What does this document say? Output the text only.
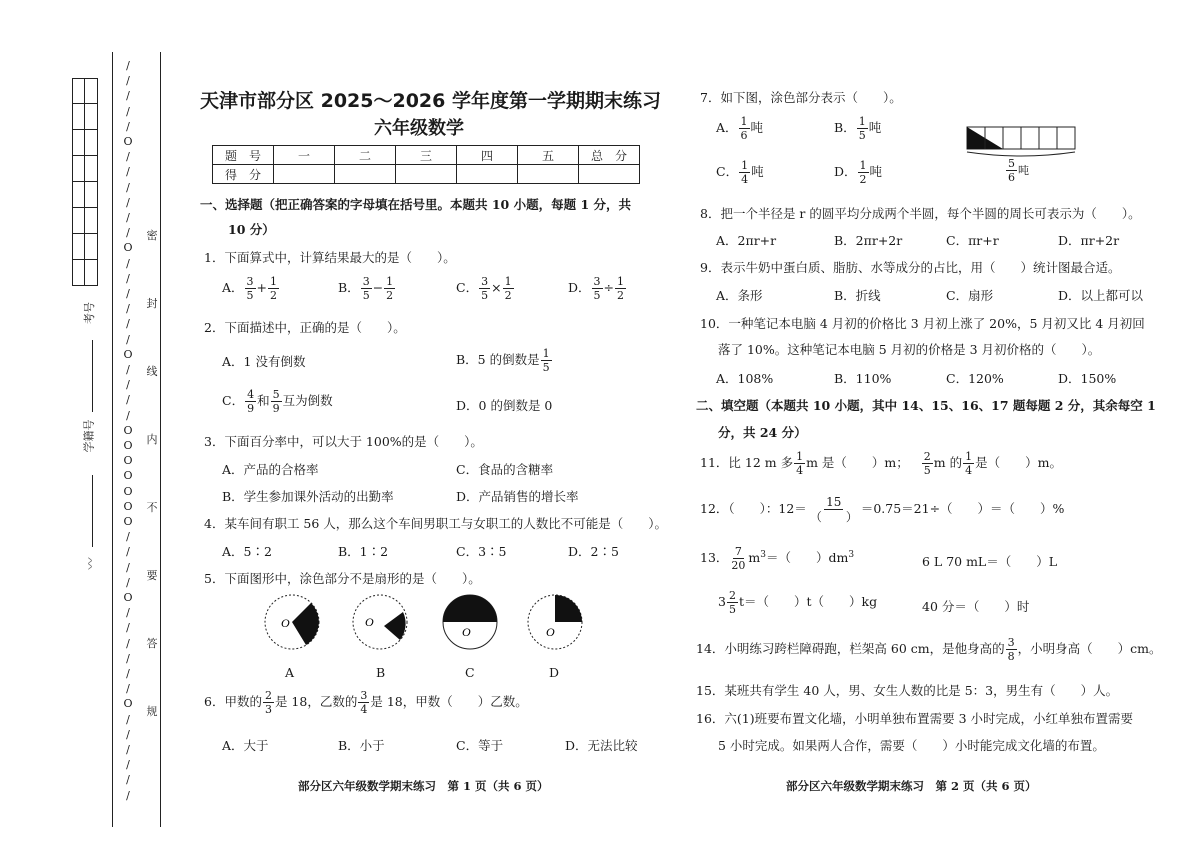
考号
学籍号
〰
/
/
/
/
/
O
/
/
/
/
/
/
O
/
/
/
/
/
/
O
/
/
/
/
O
O
O
O
O
O
O
/
/
/
/
O
/
/
/
/
/
/
O
/
/
/
/
/
/
密
封
线
内
不
要
答
规
天津市部分区 2025～2026 学年度第一学期期末练习
六年级数学
题　号	一	二	三	四	五	总　分
得　分						
一、选择题（把正确答案的字母填在括号里。本题共 10 小题，每题 1 分，共
10 分）
1．下面算式中，计算结果最大的是（　　）。
A． $\frac{3}{5} + \frac{1}{2}$	B． $\frac{3}{5} - \frac{1}{2}$	C． $\frac{3}{5} \times \frac{1}{2}$	D． $\frac{3}{5} \div \frac{1}{2}$
2．下面描述中，正确的是（　　）。
A．1 没有倒数	B．5 的倒数是 $\frac{1}{5}$
C． $\frac{4}{9}$ 和 $\frac{5}{9}$ 互为倒数	D．0 的倒数是 0
3．下面百分率中，可以大于 100%的是（　　）。
A．产品的合格率	C．食品的含糖率
B．学生参加课外活动的出勤率	D．产品销售的增长率
4．某车间有职工 56 人，那么这个车间男职工与女职工的人数比不可能是（　　）。
A．5∶2	B．1∶2	C．3∶5	D．2∶5
5．下面图形中，涂色部分不是扇形的是（　　）。
O	O
O	O
A	B	C	D
6．甲数的 $\frac{2}{3}$ 是 18，乙数的 $\frac{3}{4}$ 是 18，甲数（　　）乙数。
A．大于	B．小于	C．等于	D．无法比较
部分区六年级数学期末练习　第 1 页（共 6 页）
7．如下图，涂色部分表示（　　）。
A． $\frac{1}{6}$ 吨	B． $\frac{1}{5}$ 吨
C． $\frac{1}{4}$ 吨	D． $\frac{1}{2}$ 吨	$\frac{5}{6}$ 吨
8．把一个半径是 r 的圆平均分成两个半圆，每个半圆的周长可表示为（　　）。
A．2πr+r	B．2πr+2r	C．πr+r	D．πr+2r
9．表示牛奶中蛋白质、脂肪、水等成分的占比，用（　　）统计图最合适。
A．条形	B．折线	C．扇形	D．以上都可以
10．一种笔记本电脑 4 月初的价格比 3 月初上涨了 20%，5 月初又比 4 月初回
落了 10%。这种笔记本电脑 5 月初的价格是 3 月初价格的（　　）。
A．108%	B．110%	C．120%	D．150%
二、填空题（本题共 10 小题，其中 14、15、16、17 题每题 2 分，其余每空 1
分，共 24 分）
11．比 12 m 多 $\frac{1}{4}$ m 是（　　）m； $\frac{2}{5}$ m 的 $\frac{1}{4}$ 是（　　）m。
12．（　　）：$12= \frac{15}{( )} =0.75=21\div$（　　）＝（　　）%
13． $\frac{7}{20} m^3=$（　　）$dm^3$	6 L 70 mL＝（　　）L
$3 \frac{2}{5} t=$（　　）t（　　）kg	40 分＝（　　）时
14．小明练习跨栏障碍跑，栏架高 60 cm，是他身高的 $\frac{3}{8}$ ，小明身高（　　）cm。
15．某班共有学生 40 人，男、女生人数的比是 5：3，男生有（　　）人。
16．六(1)班要布置文化墙，小明单独布置需要 3 小时完成，小红单独布置需要
5 小时完成。如果两人合作，需要（　　）小时能完成文化墙的布置。
部分区六年级数学期末练习　第 2 页（共 6 页）
